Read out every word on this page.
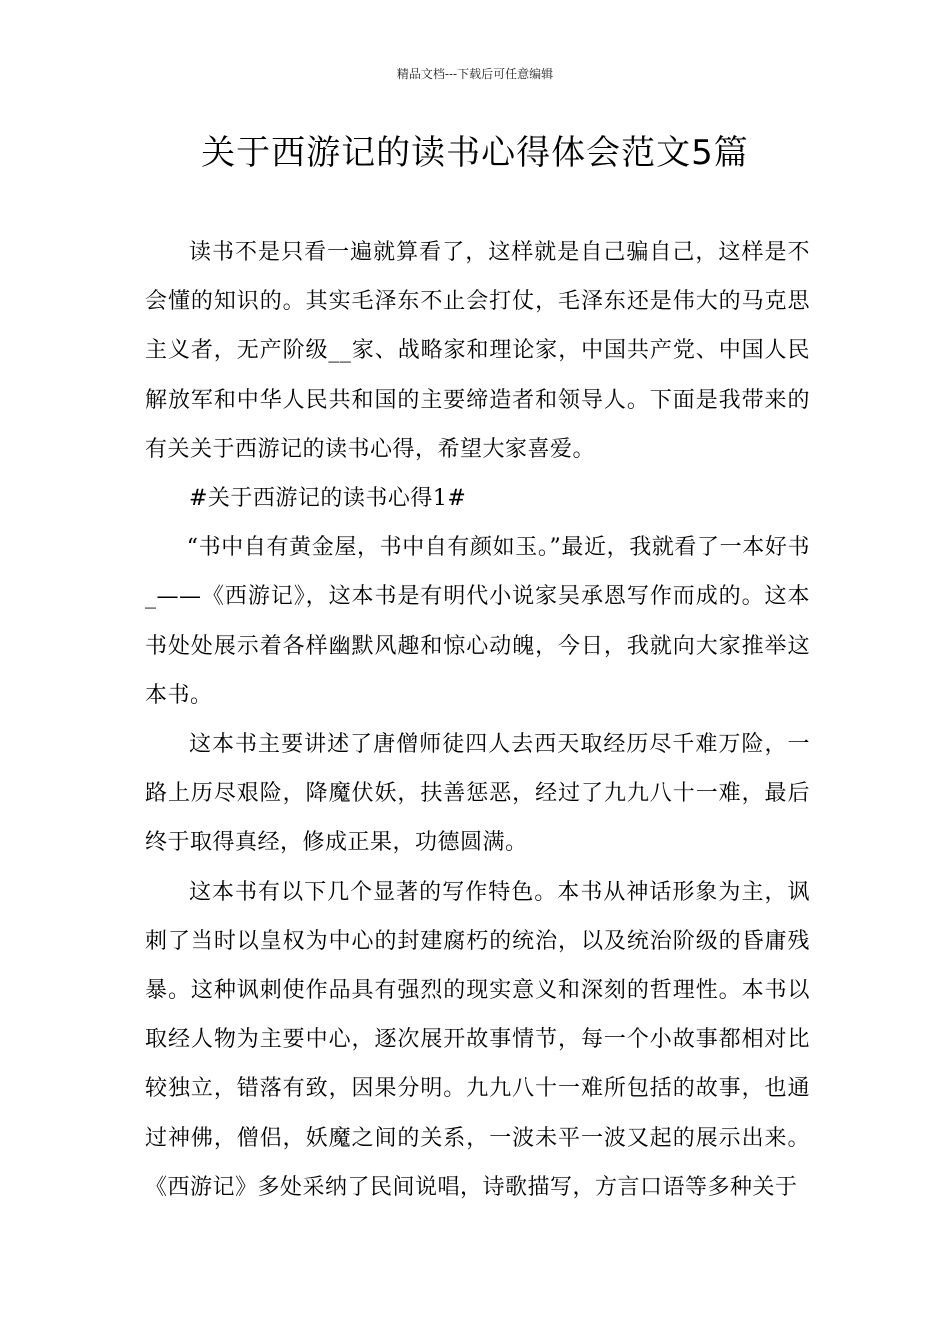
精品文档---下载后可任意编辑
关于西游记的读书心得体会范文5篇

读书不是只看一遍就算看了，这样就是自己骗自己，这样是不会懂的知识的。其实毛泽东不止会打仗，毛泽东还是伟大的马克思主义者，无产阶级__家、战略家和理论家，中国共产党、中国人民解放军和中华人民共和国的主要缔造者和领导人。下面是我带来的有关关于西游记的读书心得，希望大家喜爱。

#关于西游记的读书心得1#

“书中自有黄金屋，书中自有颜如玉。”最近，我就看了一本好书_——《西游记》，这本书是有明代小说家吴承恩写作而成的。这本书处处展示着各样幽默风趣和惊心动魄，今日，我就向大家推举这本书。

这本书主要讲述了唐僧师徒四人去西天取经历尽千难万险，一路上历尽艰险，降魔伏妖，扶善惩恶，经过了九九八十一难，最后终于取得真经，修成正果，功德圆满。

这本书有以下几个显著的写作特色。本书从神话形象为主，讽刺了当时以皇权为中心的封建腐朽的统治，以及统治阶级的昏庸残暴。这种讽刺使作品具有强烈的现实意义和深刻的哲理性。本书以取经人物为主要中心，逐次展开故事情节，每一个小故事都相对比较独立，错落有致，因果分明。九九八十一难所包括的故事，也通过神佛，僧侣，妖魔之间的关系，一波未平一波又起的展示出来。《西游记》多处采纳了民间说唱，诗歌描写，方言口语等多种关于
